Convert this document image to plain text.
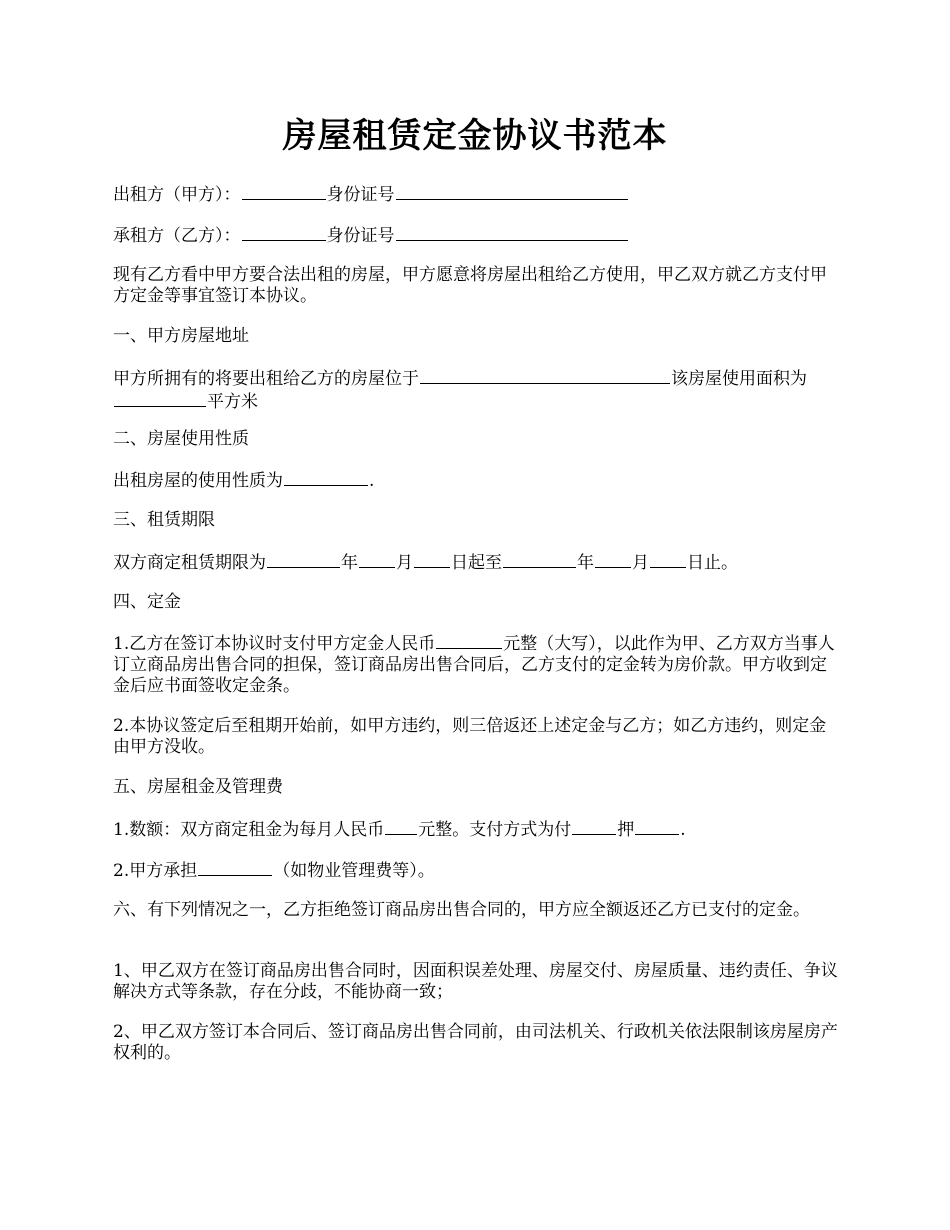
房屋租赁定金协议书范本
出租方（甲方）：	身份证号
承租方（乙方）：	身份证号
现有乙方看中甲方要合法出租的房屋，甲方愿意将房屋出租给乙方使用，甲乙双方就乙方支付甲方定金等事宜签订本协议。
一、甲方房屋地址
甲方所拥有的将要出租给乙方的房屋位于	该房屋使用面积为平方米
二、房屋使用性质
出租房屋的使用性质为	.
三、租赁期限
双方商定租赁期限为	年 月 日起至	年 月 日止。
四、定金
1.乙方在签订本协议时支付甲方定金人民币	元整（大写），以此作为甲、乙方双方当事人订立商品房出售合同的担保，签订商品房出售合同后，乙方支付的定金转为房价款。甲方收到定金后应书面签收定金条。
2.本协议签定后至租期开始前，如甲方违约，则三倍返还上述定金与乙方；如乙方违约，则定金由甲方没收。
五、房屋租金及管理费
1.数额：双方商定租金为每月人民币 元整。支付方式为付	押	.
2.甲方承担	（如物业管理费等）。
六、有下列情况之一，乙方拒绝签订商品房出售合同的，甲方应全额返还乙方已支付的定金。
1、甲乙双方在签订商品房出售合同时，因面积误差处理、房屋交付、房屋质量、违约责任、争议解决方式等条款，存在分歧，不能协商一致；
2、甲乙双方签订本合同后、签订商品房出售合同前，由司法机关、行政机关依法限制该房屋房产权利的。
